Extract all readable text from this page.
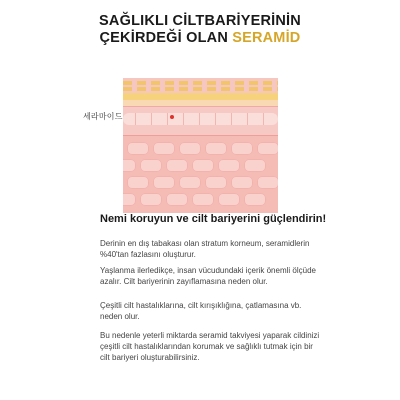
SAĞLIKLI CİLTBARİYERİNİN
ÇEKİRDEĞİ OLAN SERAMİD
세라마이드
Nemi koruyun ve cilt bariyerini güçlendirin!

Derinin en dış tabakası olan stratum korneum, seramidlerin %40'tan fazlasını oluşturur.

Yaşlanma ilerledikçe, insan vücudundaki içerik önemli ölçüde azalır. Cilt bariyerinin zayıflamasına neden olur.

Çeşitli cilt hastalıklarına, cilt kırışıklığına, çatlamasına vb. neden olur.

Bu nedenle yeterli miktarda seramid takviyesi yaparak cildinizi çeşitli cilt hastalıklarından korumak ve sağlıklı tutmak için bir cilt bariyeri oluşturabilirsiniz.
